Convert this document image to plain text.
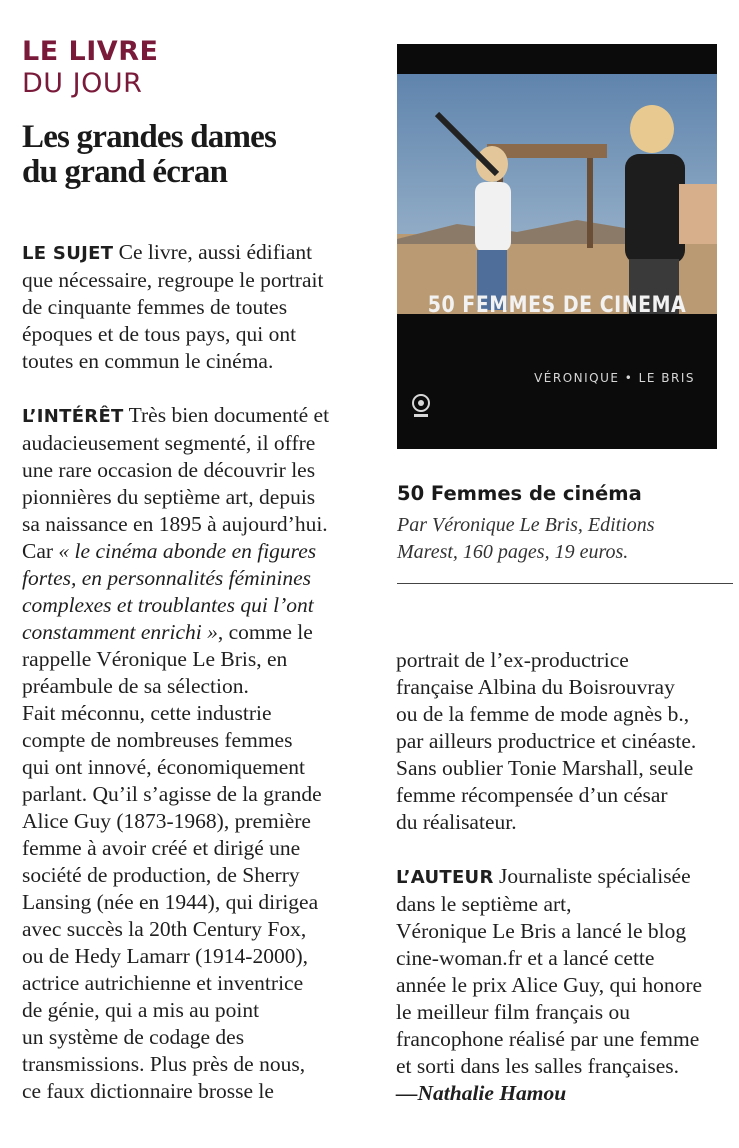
LE LIVRE
DU JOUR
Les grandes dames
du grand écran

LE SUJET Ce livre, aussi édifiant
que nécessaire, regroupe le portrait
de cinquante femmes de toutes
époques et de tous pays, qui ont
toutes en commun le cinéma.

L’INTÉRÊT Très bien documenté et
audacieusement segmenté, il offre
une rare occasion de découvrir les
pionnières du septième art, depuis
sa naissance en 1895 à aujourd’hui.
Car « le cinéma abonde en figures
fortes, en personnalités féminines
complexes et troublantes qui l’ont
constamment enrichi », comme le
rappelle Véronique Le Bris, en
préambule de sa sélection.
Fait méconnu, cette industrie
compte de nombreuses femmes
qui ont innové, économiquement
parlant. Qu’il s’agisse de la grande
Alice Guy (1873-1968), première
femme à avoir créé et dirigé une
société de production, de Sherry
Lansing (née en 1944), qui dirigea
avec succès la 20th Century Fox,
ou de Hedy Lamarr (1914-2000),
actrice autrichienne et inventrice
de génie, qui a mis au point
un système de codage des
transmissions. Plus près de nous,
ce faux dictionnaire brosse le

50 FEMMES DE CINEMA
VÉRONIQUE • LE BRIS
50 Femmes de cinéma
Par Véronique Le Bris, Editions
Marest, 160 pages, 19 euros.

portrait de l’ex-productrice
française Albina du Boisrouvray
ou de la femme de mode agnès b.,
par ailleurs productrice et cinéaste.
Sans oublier Tonie Marshall, seule
femme récompensée d’un césar
du réalisateur.

L’AUTEUR Journaliste spécialisée
dans le septième art,
Véronique Le Bris a lancé le blog
cine-woman.fr et a lancé cette
année le prix Alice Guy, qui honore
le meilleur film français ou
francophone réalisé par une femme
et sorti dans les salles françaises.
—Nathalie Hamou
